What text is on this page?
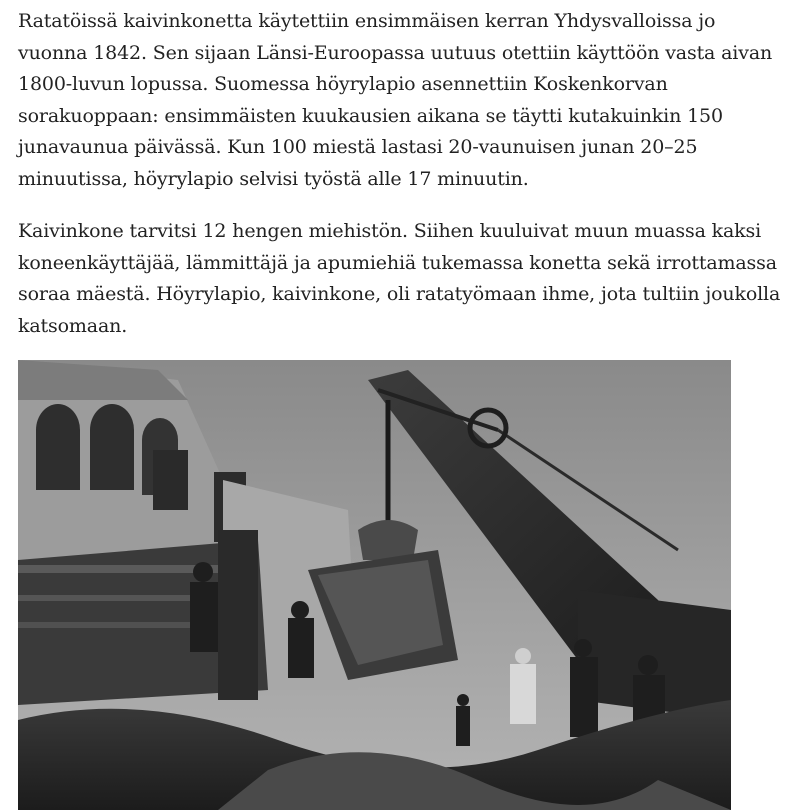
Ratatöissä kaivinkonetta käytettiin ensimmäisen kerran Yhdysvalloissa jo vuonna 1842. Sen sijaan Länsi-Euroopassa uutuus otettiin käyttöön vasta aivan 1800-luvun lopussa. Suomessa höyrylapio asennettiin Koskenkorvan sorakuoppaan: ensimmäisten kuukausien aikana se täytti kutakuinkin 150 junavaunua päivässä. Kun 100 miestä lastasi 20-vaunuisen junan 20–25 minuutissa, höyrylapio selvisi työstä alle 17 minuutin.

Kaivinkone tarvitsi 12 hengen miehistön. Siihen kuuluivat muun muassa kaksi koneenkäyttäjää, lämmittäjä ja apumiehiä tukemassa konetta sekä irrottamassa soraa mäestä. Höyrylapio, kaivinkone, oli ratatyömaan ihme, jota tultiin joukolla katsomaan.
